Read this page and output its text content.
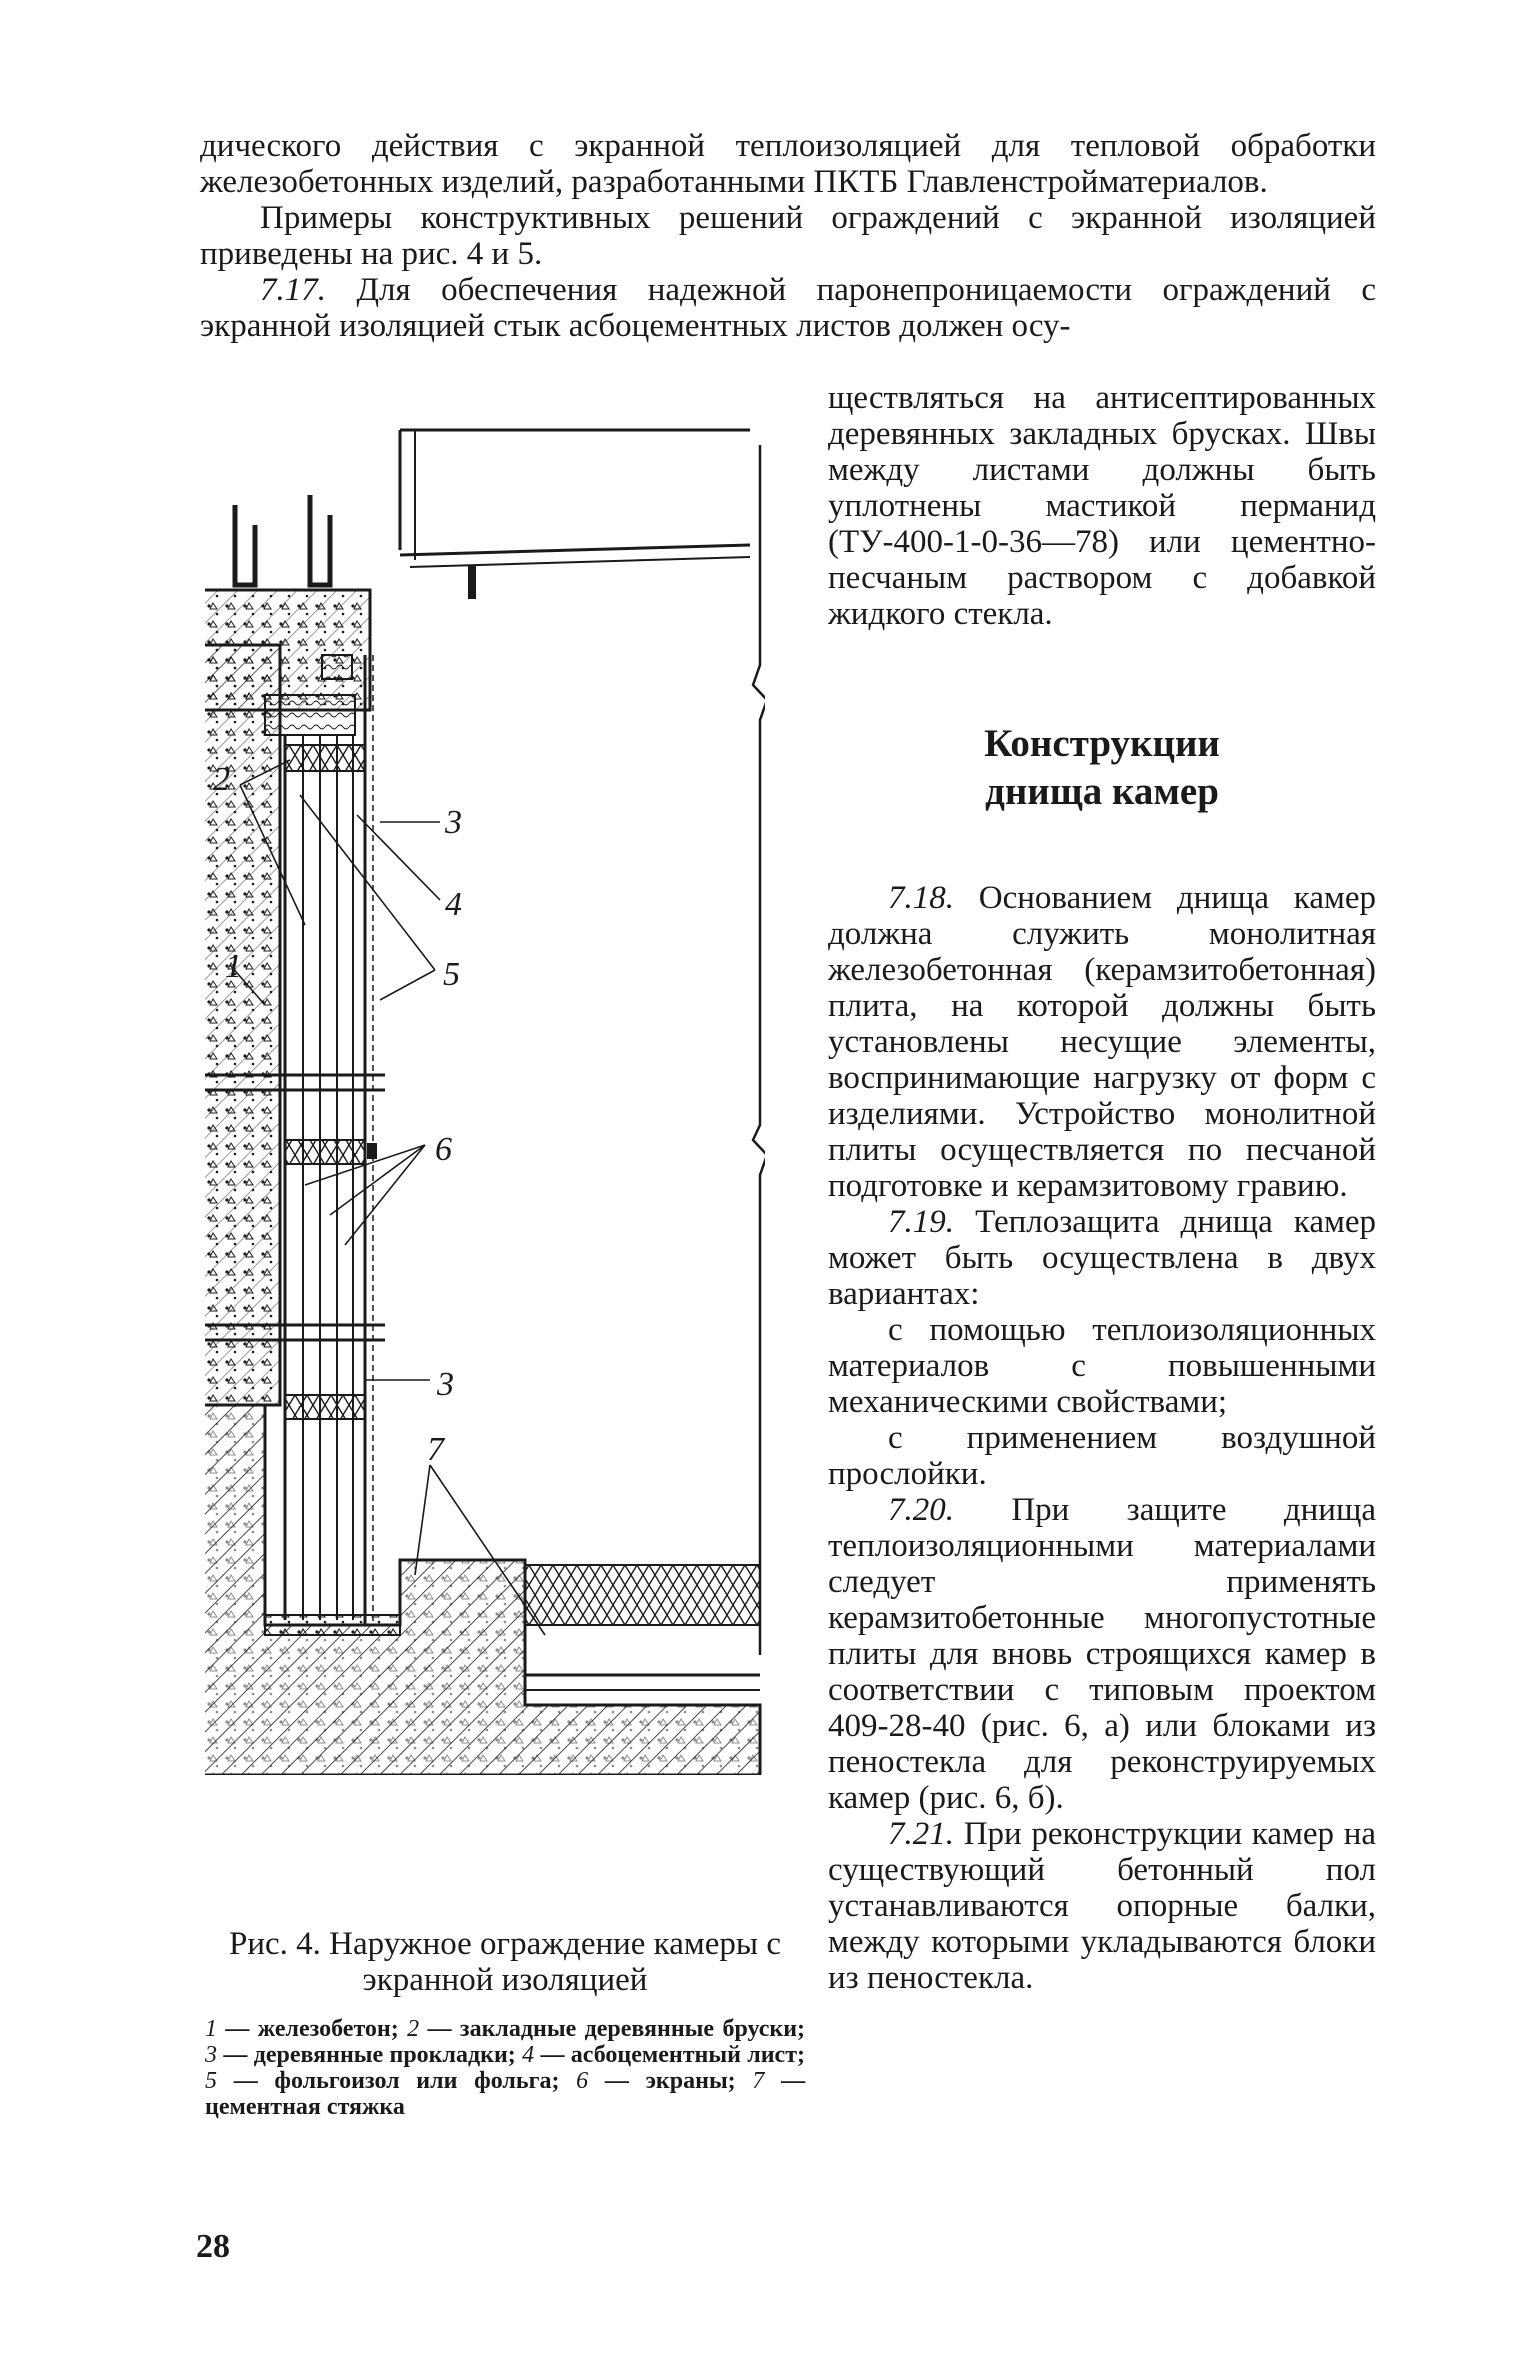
дического действия с экранной теплоизоляцией для тепловой обработки железобетонных изделий, разработанными ПКТБ Главленстройматериалов.

Примеры конструктивных решений ограждений с экранной изоляцией приведены на рис. 4 и 5.

7.17. Для обеспечения надежной паронепроницаемости ограждений с экранной изоляцией стык асбоцементных листов должен осу-

ществляться на антисептированных деревянных закладных брусках. Швы между листами должны быть уплотнены мастикой перманид (ТУ-400-1-0-36—78) или цементно-песчаным раствором с добавкой жидкого стекла.

Конструкции
днища камер

7.18. Основанием днища камер должна служить монолитная железобетонная (керамзитобетонная) плита, на которой должны быть установлены несущие элементы, воспринимающие нагрузку от форм с изделиями. Устройство монолитной плиты осуществляется по песчаной подготовке и керамзитовому гравию.

7.19. Теплозащита днища камер может быть осуществлена в двух вариантах:

с помощью теплоизоляционных материалов с повышенными механическими свойствами;

с применением воздушной прослойки.

7.20. При защите днища теплоизоляционными материалами следует применять керамзитобетонные многопустотные плиты для вновь строящихся камер в соответствии с типовым проектом 409-28-40 (рис. 6, а) или блоками из пеностекла для реконструируемых камер (рис. 6, б).

7.21. При реконструкции камер на существующий бетонный пол устанавливаются опорные балки, между которыми укладываются блоки из пеностекла.

2
3
4
1	5
6
3
7
Рис. 4. Наружное ограждение камеры с экранной изоляцией
1 — железобетон; 2 — закладные деревянные бруски; 3 — деревянные прокладки; 4 — асбоцементный лист; 5 — фольгоизол или фольга; 6 — экраны; 7 — цементная стяжка
28
